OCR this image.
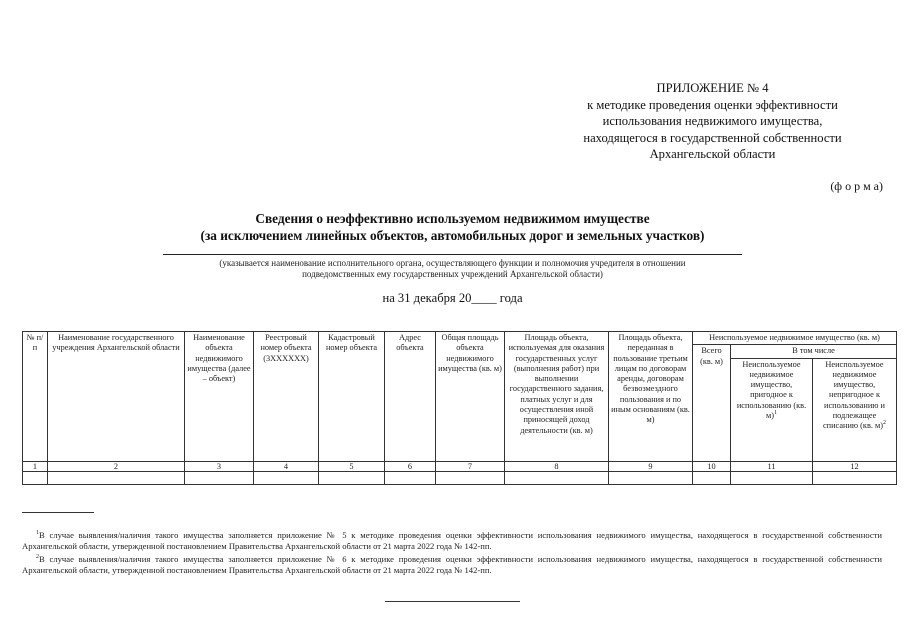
ПРИЛОЖЕНИЕ № 4
к методике проведения оценки эффективности
использования недвижимого имущества,
находящегося в государственной собственности
Архангельской области
(ф о р м а)
Сведения о неэффективно используемом недвижимом имуществе
(за исключением линейных объектов, автомобильных дорог и земельных участков)
(указывается наименование исполнительного органа, осуществляющего функции и полномочия учредителя в отношении
подведомственных ему государственных учреждений Архангельской области)
на 31 декабря 20____ года
№ п/п	Наименование государственного учреждения Архангельской области	Наименование объекта недвижимого имущества (далее – объект)	Реестровый номер объекта (3XXXXXX)	Кадастровый номер объекта	Адрес объекта	Общая площадь объекта недвижимого имущества (кв. м)	Площадь объекта, используемая для оказания государственных услуг (выполнения работ) при выполнении государственного задания, платных услуг и для осуществления иной приносящей доход деятельности (кв. м)	Площадь объекта, переданная в пользование третьим лицам по договорам аренды, договорам безвозмездного пользования и по иным основаниям (кв. м)	Неиспользуемое недвижимое имущество (кв. м)		
									Всего (кв. м)	В том числе	
										Неиспользуемое недвижимое имущество, пригодное к использованию (кв. м)$^1$	Неиспользуемое недвижимое имущество, непригодное к использованию и подлежащее списанию (кв. м)$^2$
1	2	3	4	5	6	7	8	9	10	11	12

$^1$В случае выявления/наличия такого имущества заполняется приложение № 5 к методике проведения оценки эффективности использования недвижимого имущества, находящегося в государственной собственности Архангельской области, утвержденной постановлением Правительства Архангельской области от 21 марта 2022 года № 142-пп.

$^2$В случае выявления/наличия такого имущества заполняется приложение № 6 к методике проведения оценки эффективности использования недвижимого имущества, находящегося в государственной собственности Архангельской области, утвержденной постановлением Правительства Архангельской области от 21 марта 2022 года № 142-пп.
